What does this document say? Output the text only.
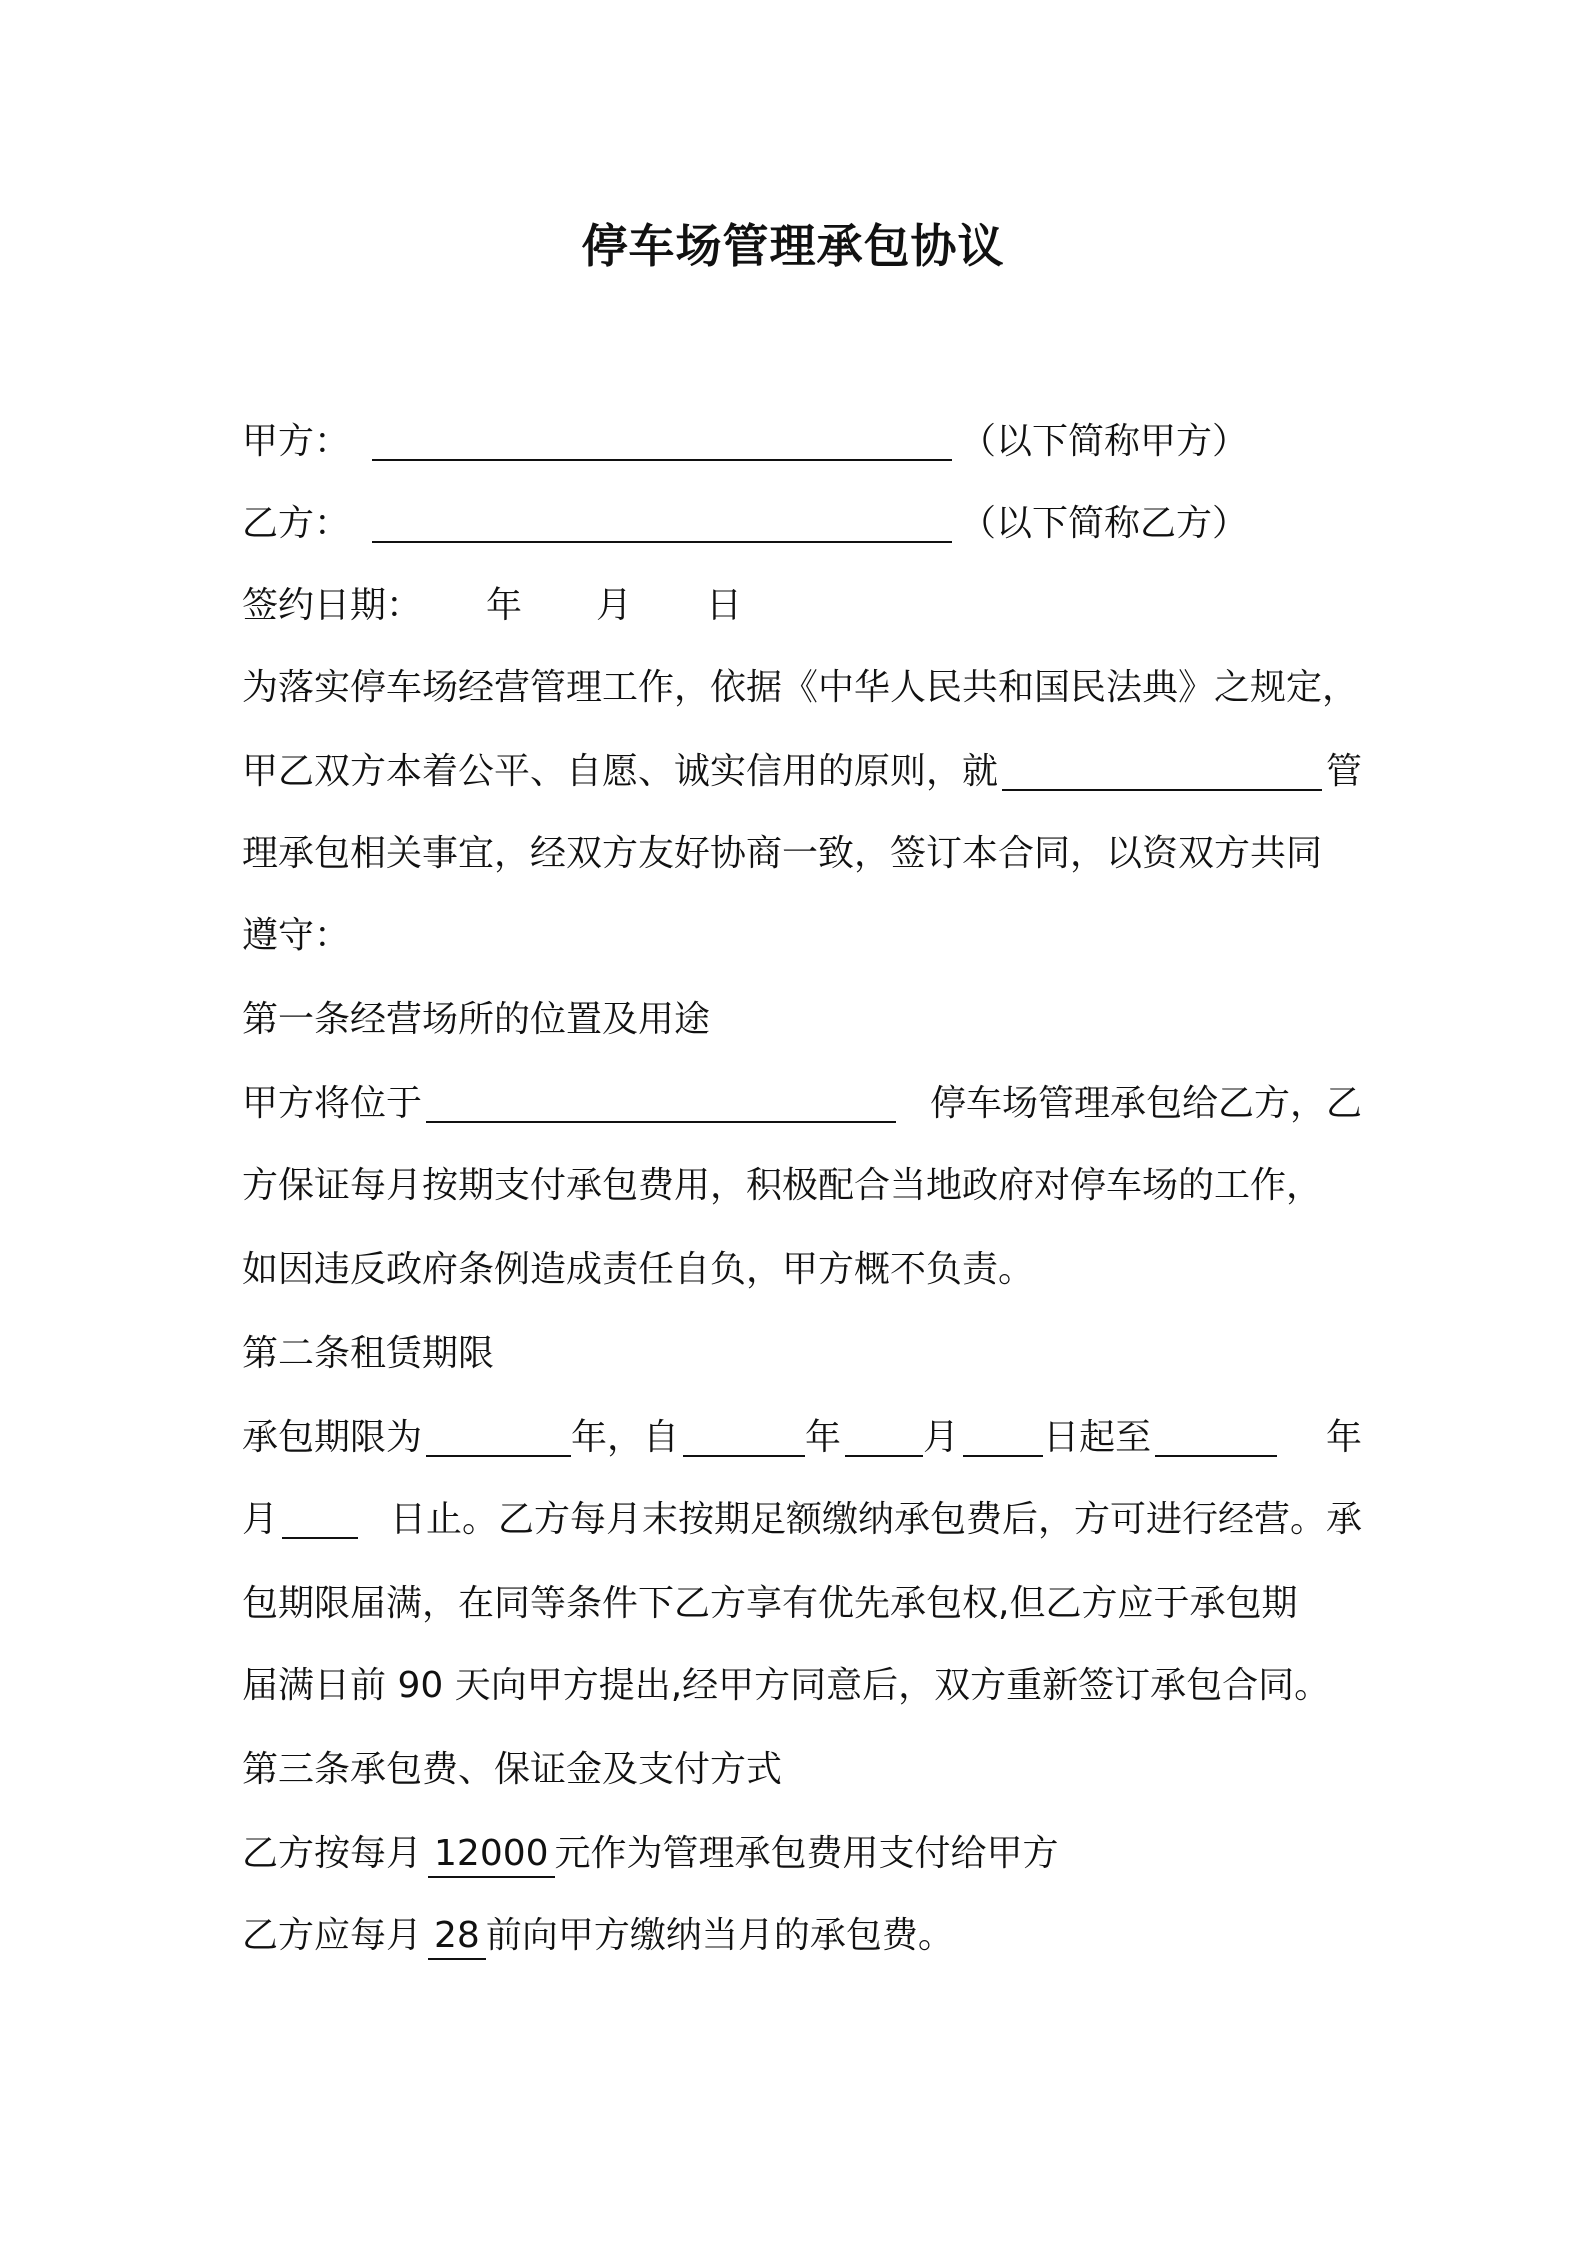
停车场管理承包协议
甲方：	（以下简称甲方）
乙方：	（以下简称乙方）
签约日期： 年 月 日
为落实停车场经营管理工作，依据《中华人民共和国民法典》之规定，
甲乙双方本着公平、自愿、诚实信用的原则，就	管
理承包相关事宜，经双方友好协商一致，签订本合同，以资双方共同
遵守：
第一条经营场所的位置及用途
甲方将位于	停车场管理承包给乙方，乙
方保证每月按期支付承包费用，积极配合当地政府对停车场的工作，
如因违反政府条例造成责任自负，甲方概不负责。
第二条租赁期限
承包期限为	年，自	年 月 日起至	年
月	日止。乙方每月末按期足额缴纳承包费后，方可进行经营。承
包期限届满，在同等条件下乙方享有优先承包权,但乙方应于承包期
届满日前 90 天向甲方提出,经甲方同意后，双方重新签订承包合同。
第三条承包费、保证金及支付方式
乙方按每月 12000 元作为管理承包费用支付给甲方
乙方应每月 28 前向甲方缴纳当月的承包费。
